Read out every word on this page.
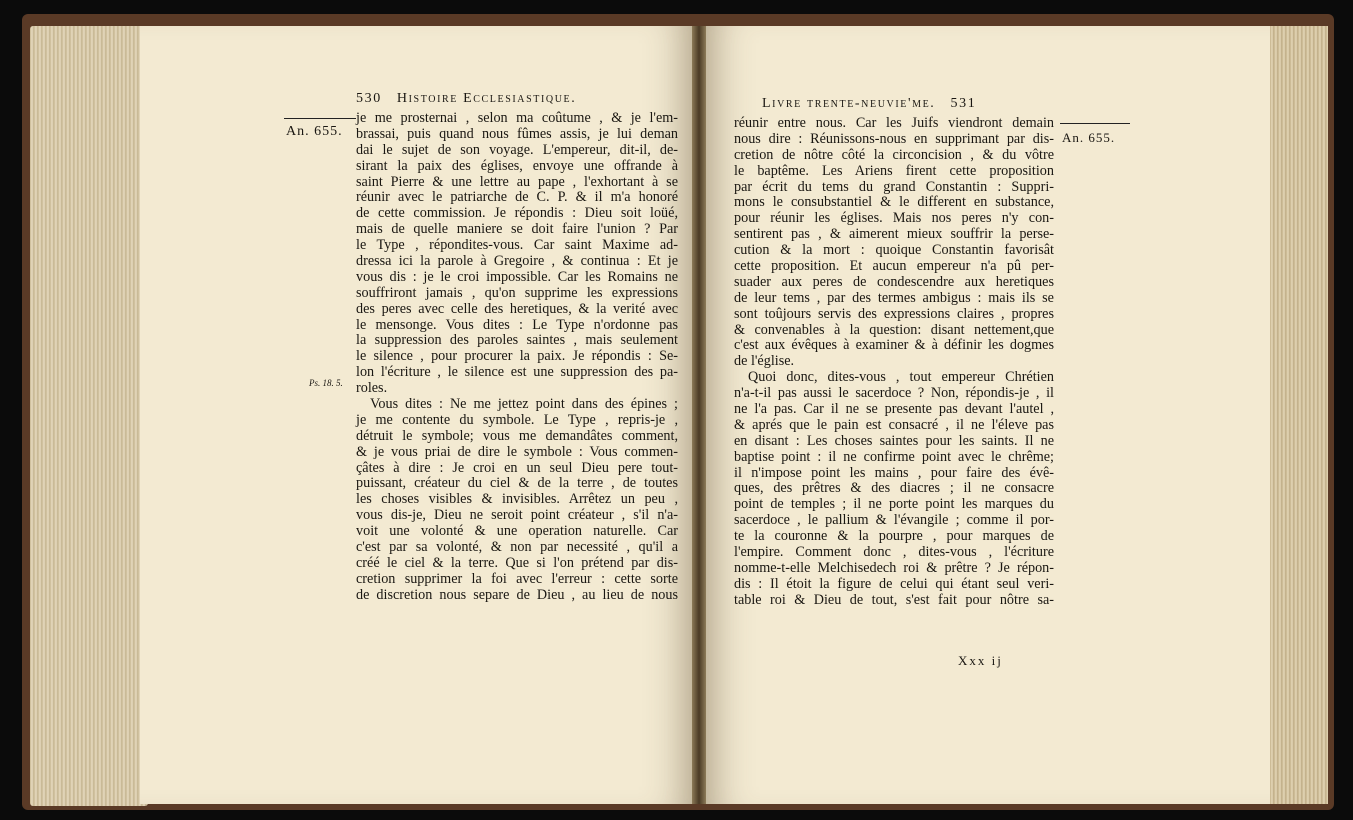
An. 655.
Ps. 18. 5.
530 Histoire Ecclesiastique.
je me prosternai , selon ma coûtume , & je l'em-
brassai, puis quand nous fûmes assis, je lui deman
dai le sujet de son voyage. L'empereur, dit-il, de-
sirant la paix des églises, envoye une offrande à
saint Pierre & une lettre au pape , l'exhortant à se
réunir avec le patriarche de C. P. & il m'a honoré
de cette commission. Je répondis : Dieu soit loüé,
mais de quelle maniere se doit faire l'union ? Par
le Type , répondites-vous. Car saint Maxime ad-
dressa ici la parole à Gregoire , & continua : Et je
vous dis : je le croi impossible. Car les Romains ne
souffriront jamais , qu'on supprime les expressions
des peres avec celle des heretiques, & la verité avec
le mensonge. Vous dites : Le Type n'ordonne pas
la suppression des paroles saintes , mais seulement
le silence , pour procurer la paix. Je répondis : Se-
lon l'écriture , le silence est une suppression des pa-
roles.
Vous dites : Ne me jettez point dans des épines ;
je me contente du symbole. Le Type , repris-je ,
détruit le symbole; vous me demandâtes comment,
& je vous priai de dire le symbole : Vous commen-
çâtes à dire : Je croi en un seul Dieu pere tout-
puissant, créateur du ciel & de la terre , de toutes
les choses visibles & invisibles. Arrêtez un peu ,
vous dis-je, Dieu ne seroit point créateur , s'il n'a-
voit une volonté & une operation naturelle. Car
c'est par sa volonté, & non par necessité , qu'il a
créé le ciel & la terre. Que si l'on prétend par dis-
cretion supprimer la foi avec l'erreur : cette sorte
de discretion nous separe de Dieu , au lieu de nous
Livre trente-neuvie'me. 531
An. 655.
réunir entre nous. Car les Juifs viendront demain
nous dire : Réunissons-nous en supprimant par dis-
cretion de nôtre côté la circoncision , & du vôtre
le baptême. Les Ariens firent cette proposition
par écrit du tems du grand Constantin : Suppri-
mons le consubstantiel & le different en substance,
pour réunir les églises. Mais nos peres n'y con-
sentirent pas , & aimerent mieux souffrir la perse-
cution & la mort : quoique Constantin favorisât
cette proposition. Et aucun empereur n'a pû per-
suader aux peres de condescendre aux heretiques
de leur tems , par des termes ambigus : mais ils se
sont toûjours servis des expressions claires , propres
& convenables à la question: disant nettement,que
c'est aux évêques à examiner & à définir les dogmes
de l'église.
Quoi donc, dites-vous , tout empereur Chrétien
n'a-t-il pas aussi le sacerdoce ? Non, répondis-je , il
ne l'a pas. Car il ne se presente pas devant l'autel ,
& aprés que le pain est consacré , il ne l'éleve pas
en disant : Les choses saintes pour les saints. Il ne
baptise point : il ne confirme point avec le chrême;
il n'impose point les mains , pour faire des évê-
ques, des prêtres & des diacres ; il ne consacre
point de temples ; il ne porte point les marques du
sacerdoce , le pallium & l'évangile ; comme il por-
te la couronne & la pourpre , pour marques de
l'empire. Comment donc , dites-vous , l'écriture
nomme-t-elle Melchisedech roi & prêtre ? Je répon-
dis : Il étoit la figure de celui qui étant seul veri-
table roi & Dieu de tout, s'est fait pour nôtre sa-
Xxx ij
